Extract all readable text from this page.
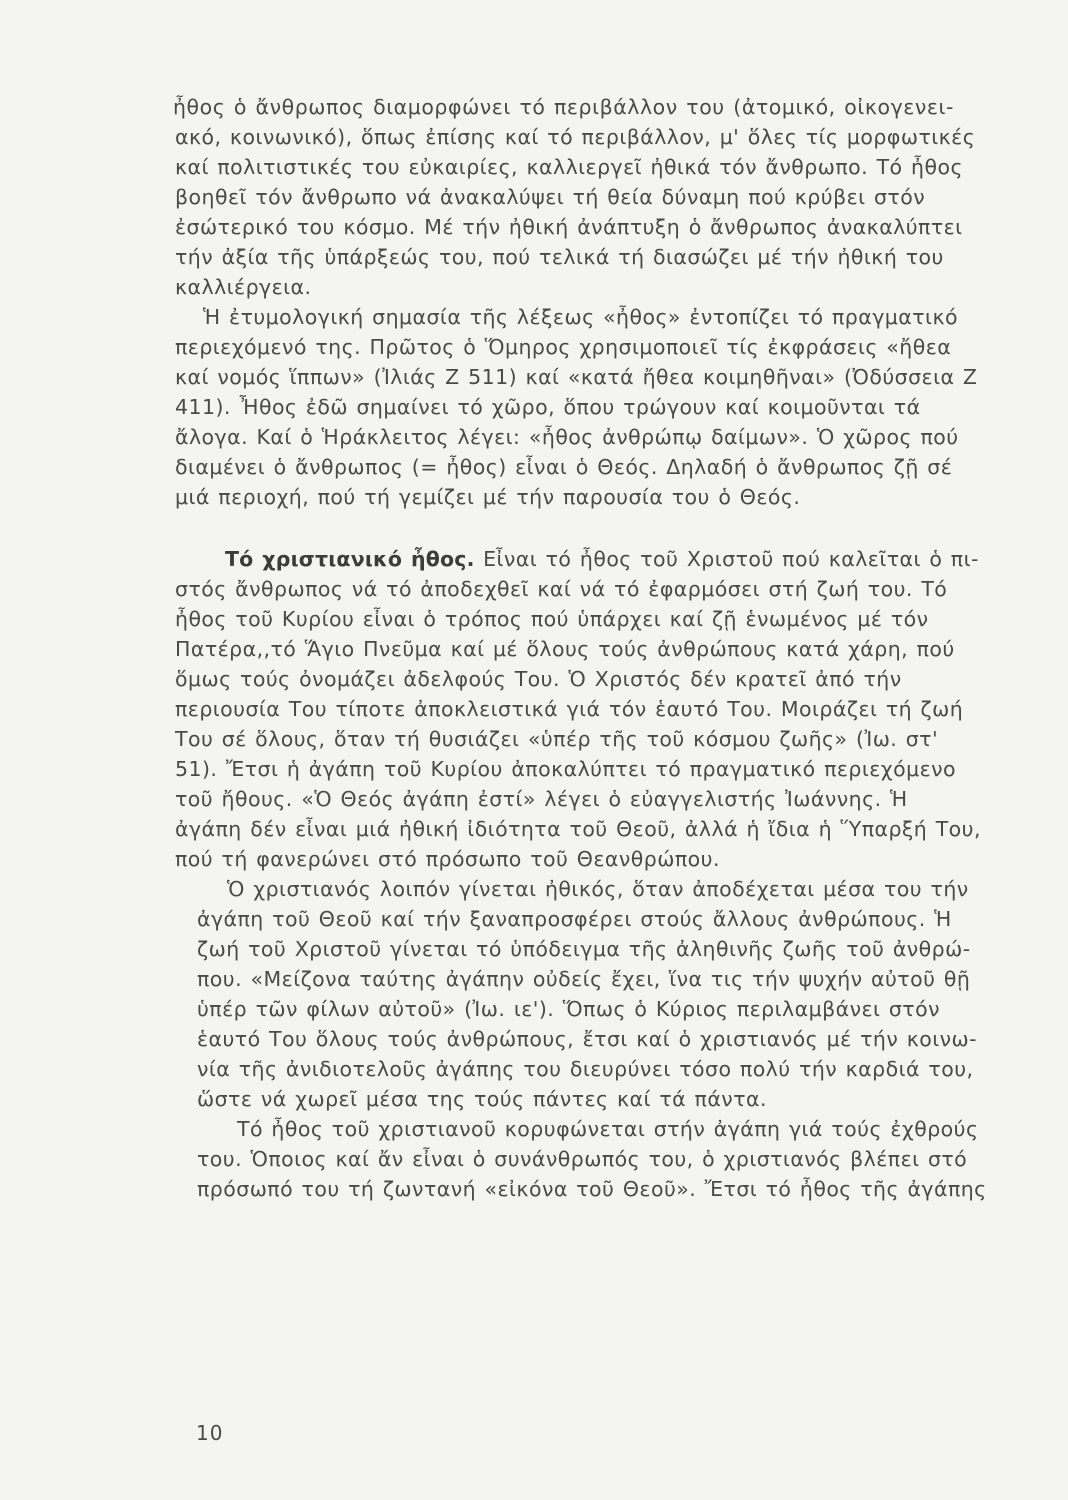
ἦθος ὁ ἄνθρωπος διαμορφώνει τό περιβάλλον του (ἀτομικό, οἰκογενει-
ακό, κοινωνικό), ὅπως ἐπίσης καί τό περιβάλλον, μ' ὅλες τίς μορφωτικές
καί πολιτιστικές του εὐκαιρίες, καλλιεργεῖ ἠθικά τόν ἄνθρωπο. Τό ἦθος
βοηθεῖ τόν ἄνθρωπο νά ἀνακαλύψει τή θεία δύναμη πού κρύβει στόν
ἐσώτερικό του κόσμο. Μέ τήν ἠθική ἀνάπτυξη ὁ ἄνθρωπος ἀνακαλύπτει
τήν ἀξία τῆς ὑπάρξεώς του, πού τελικά τή διασώζει μέ τήν ἠθική του
καλλιέργεια.
Ἡ ἐτυμολογική σημασία τῆς λέξεως «ἦθος» ἐντοπίζει τό πραγματικό
περιεχόμενό της. Πρῶτος ὁ Ὅμηρος χρησιμοποιεῖ τίς ἐκφράσεις «ἤθεα
καί νομός ἵππων» (Ἰλιάς Ζ 511) καί «κατά ἤθεα κοιμηθῆναι» (Ὀδύσσεια Ζ
411). Ἦθος ἐδῶ σημαίνει τό χῶρο, ὅπου τρώγουν καί κοιμοῦνται τά
ἄλογα. Καί ὁ Ἡράκλειτος λέγει: «ἦθος ἀνθρώπῳ δαίμων». Ὁ χῶρος πού
διαμένει ὁ ἄνθρωπος (= ἦθος) εἶναι ὁ Θεός. Δηλαδή ὁ ἄνθρωπος ζῇ σέ
μιά περιοχή, πού τή γεμίζει μέ τήν παρουσία του ὁ Θεός.
Τό χριστιανικό ἦθος. Εἶναι τό ἦθος τοῦ Χριστοῦ πού καλεῖται ὁ πι-
στός ἄνθρωπος νά τό ἀποδεχθεῖ καί νά τό ἐφαρμόσει στή ζωή του. Τό
ἦθος τοῦ Κυρίου εἶναι ὁ τρόπος πού ὑπάρχει καί ζῇ ἑνωμένος μέ τόν
Πατέρα,,τό Ἅγιο Πνεῦμα καί μέ ὅλους τούς ἀνθρώπους κατά χάρη, πού
ὅμως τούς ὀνομάζει ἀδελφούς Του. Ὁ Χριστός δέν κρατεῖ ἀπό τήν
περιουσία Του τίποτε ἀποκλειστικά γιά τόν ἑαυτό Του. Μοιράζει τή ζωή
Του σέ ὅλους, ὅταν τή θυσιάζει «ὑπέρ τῆς τοῦ κόσμου ζωῆς» (Ἰω. στ'
51). Ἔτσι ἡ ἀγάπη τοῦ Κυρίου ἀποκαλύπτει τό πραγματικό περιεχόμενο
τοῦ ἤθους. «Ὁ Θεός ἀγάπη ἐστί» λέγει ὁ εὐαγγελιστής Ἰωάννης. Ἡ
ἀγάπη δέν εἶναι μιά ἠθική ἰδιότητα τοῦ Θεοῦ, ἀλλά ἡ ἴδια ἡ Ὕπαρξή Του,
πού τή φανερώνει στό πρόσωπο τοῦ Θεανθρώπου.
Ὁ χριστιανός λοιπόν γίνεται ἠθικός, ὅταν ἀποδέχεται μέσα του τήν
ἀγάπη τοῦ Θεοῦ καί τήν ξαναπροσφέρει στούς ἄλλους ἀνθρώπους. Ἡ
ζωή τοῦ Χριστοῦ γίνεται τό ὑπόδειγμα τῆς ἀληθινῆς ζωῆς τοῦ ἀνθρώ-
που. «Μείζονα ταύτης ἀγάπην οὐδείς ἔχει, ἵνα τις τήν ψυχήν αὐτοῦ θῇ
ὑπέρ τῶν φίλων αὐτοῦ» (Ἰω. ιε'). Ὅπως ὁ Κύριος περιλαμβάνει στόν
ἑαυτό Του ὅλους τούς ἀνθρώπους, ἔτσι καί ὁ χριστιανός μέ τήν κοινω-
νία τῆς ἀνιδιοτελοῦς ἀγάπης του διευρύνει τόσο πολύ τήν καρδιά του,
ὥστε νά χωρεῖ μέσα της τούς πάντες καί τά πάντα.
Τό ἦθος τοῦ χριστιανοῦ κορυφώνεται στήν ἀγάπη γιά τούς ἐχθρούς
του. Ὁποιος καί ἄν εἶναι ὁ συνάνθρωπός του, ὁ χριστιανός βλέπει στό
πρόσωπό του τή ζωντανή «εἰκόνα τοῦ Θεοῦ». Ἔτσι τό ἦθος τῆς ἀγάπης
10
